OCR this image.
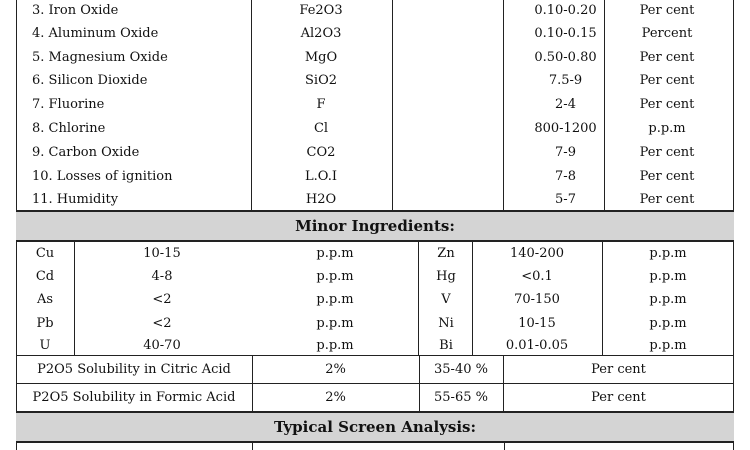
3. Iron Oxide	Fe2O3	0.10-0.20	Per cent
4. Aluminum Oxide	Al2O3	0.10-0.15	Percent
5. Magnesium Oxide	MgO	0.50-0.80	Per cent
6. Silicon Dioxide	SiO2	7.5-9	Per cent
7. Fluorine	F	2-4	Per cent
8. Chlorine	Cl	800-1200	p.p.m
9. Carbon Oxide	CO2	7-9	Per cent
10. Losses of ignition	L.O.I	7-8	Per cent
11. Humidity	H2O	5-7	Per cent
Minor Ingredients:
Cu	10-15	p.p.m	Zn	140-200	p.p.m
Cd	4-8	p.p.m	Hg	<0.1	p.p.m
As	<2	p.p.m	V	70-150	p.p.m
Pb	<2	p.p.m	Ni	10-15	p.p.m
U	40-70	p.p.m	Bi	0.01-0.05	p.p.m
P2O5 Solubility in Citric Acid	2%	35-40 %	Per cent
P2O5 Solubility in Formic Acid	2%	55-65 %	Per cent
Typical Screen Analysis:
